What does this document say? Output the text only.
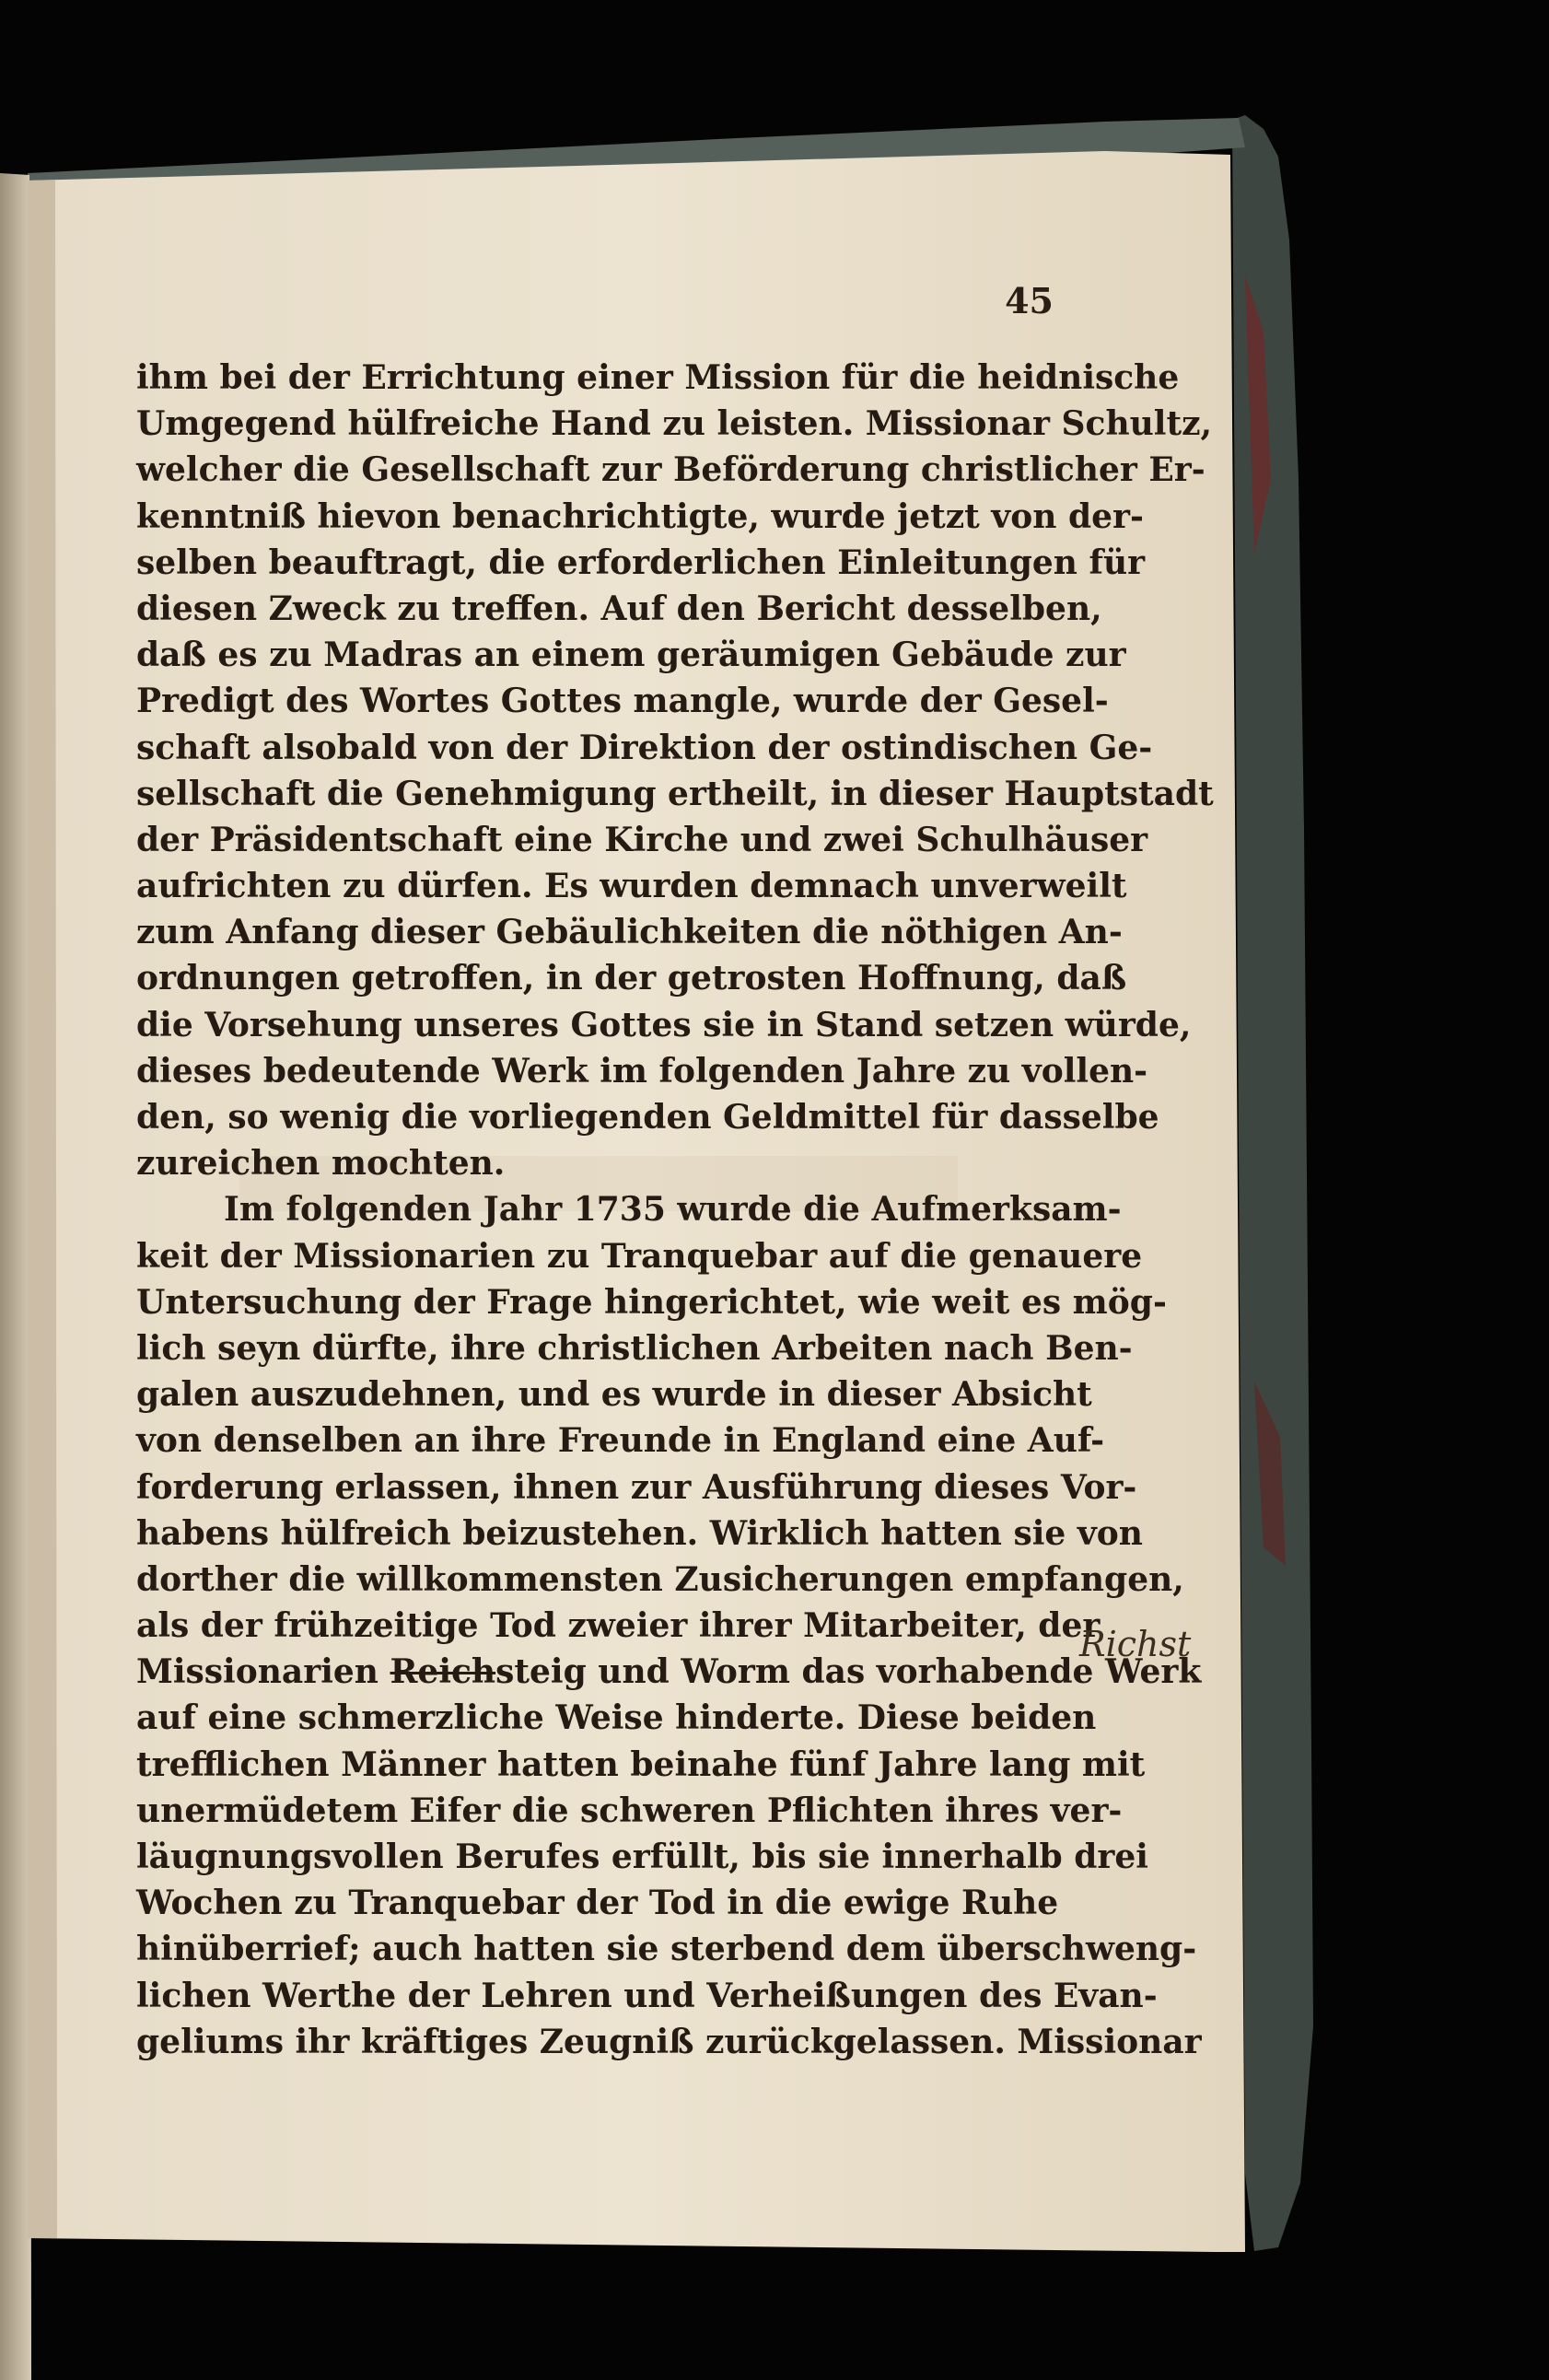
45
ihm bei der Errichtung einer Mission für die heidnische
Umgegend hülfreiche Hand zu leisten. Missionar Schultz,
welcher die Gesellschaft zur Beförderung christlicher Er-
kenntniß hievon benachrichtigte, wurde jetzt von der-
selben beauftragt, die erforderlichen Einleitungen für
diesen Zweck zu treffen. Auf den Bericht desselben,
daß es zu Madras an einem geräumigen Gebäude zur
Predigt des Wortes Gottes mangle, wurde der Gesel-
schaft alsobald von der Direktion der ostindischen Ge-
sellschaft die Genehmigung ertheilt, in dieser Hauptstadt
der Präsidentschaft eine Kirche und zwei Schulhäuser
aufrichten zu dürfen. Es wurden demnach unverweilt
zum Anfang dieser Gebäulichkeiten die nöthigen An-
ordnungen getroffen, in der getrosten Hoffnung, daß
die Vorsehung unseres Gottes sie in Stand setzen würde,
dieses bedeutende Werk im folgenden Jahre zu vollen-
den, so wenig die vorliegenden Geldmittel für dasselbe
zureichen mochten.
Im folgenden Jahr 1735 wurde die Aufmerksam-
keit der Missionarien zu Tranquebar auf die genauere
Untersuchung der Frage hingerichtet, wie weit es mög-
lich seyn dürfte, ihre christlichen Arbeiten nach Ben-
galen auszudehnen, und es wurde in dieser Absicht
von denselben an ihre Freunde in England eine Auf-
forderung erlassen, ihnen zur Ausführung dieses Vor-
habens hülfreich beizustehen. Wirklich hatten sie von
dorther die willkommensten Zusicherungen empfangen,
als der frühzeitige Tod zweier ihrer Mitarbeiter, der
Missionarien Reichsteig und Worm das vorhabende Werk
auf eine schmerzliche Weise hinderte. Diese beiden
trefflichen Männer hatten beinahe fünf Jahre lang mit
unermüdetem Eifer die schweren Pflichten ihres ver-
läugnungsvollen Berufes erfüllt, bis sie innerhalb drei
Wochen zu Tranquebar der Tod in die ewige Ruhe
hinüberrief; auch hatten sie sterbend dem überschweng-
lichen Werthe der Lehren und Verheißungen des Evan-
geliums ihr kräftiges Zeugniß zurückgelassen. Missionar
Richst
